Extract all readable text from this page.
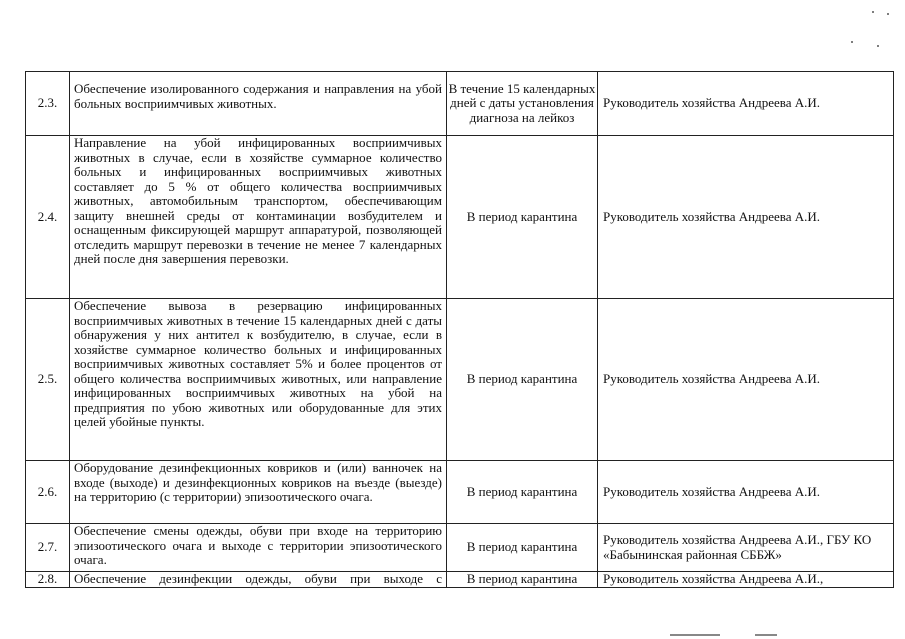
2.3.	Обеспечение изолированного содержания и направления на убой больных восприимчивых животных.	В течение 15 календарных дней с даты установления диагноза на лейкоз	Руководитель хозяйства Андреева А.И.
2.4.	Направление на убой инфицированных восприимчивых животных в случае, если в хозяйстве суммарное количество больных и инфицированных восприимчивых животных составляет до 5 % от общего количества восприимчивых животных, автомобильным транспортом, обеспечивающим защиту внешней среды от контаминации возбудителем и оснащенным фиксирующей маршрут аппаратурой, позволяющей отследить маршрут перевозки в течение не менее 7 календарных дней после дня завершения перевозки.	В период карантина	Руководитель хозяйства Андреева А.И.
2.5.	Обеспечение вывоза в резервацию инфицированных восприимчивых животных в течение 15 календарных дней с даты обнаружения у них антител к возбудителю, в случае, если в хозяйстве суммарное количество больных и инфицированных восприимчивых животных составляет 5% и более процентов от общего количества восприимчивых животных, или направление инфицированных восприимчивых животных на убой на предприятия по убою животных или оборудованные для этих целей убойные пункты.	В период карантина	Руководитель хозяйства Андреева А.И.
2.6.	Оборудование дезинфекционных ковриков и (или) ванночек на входе (выходе) и дезинфекционных ковриков на въезде (выезде) на территорию (с территории) эпизоотического очага.	В период карантина	Руководитель хозяйства Андреева А.И.
2.7.	Обеспечение смены одежды, обуви при входе на территорию эпизоотического очага и выходе с территории эпизоотического очага.	В период карантина	Руководитель хозяйства Андреева А.И., ГБУ КО «Бабынинская районная СББЖ»
2.8.	Обеспечение дезинфекции одежды, обуви при выходе с	В период карантина	Руководитель хозяйства Андреева А.И.,
